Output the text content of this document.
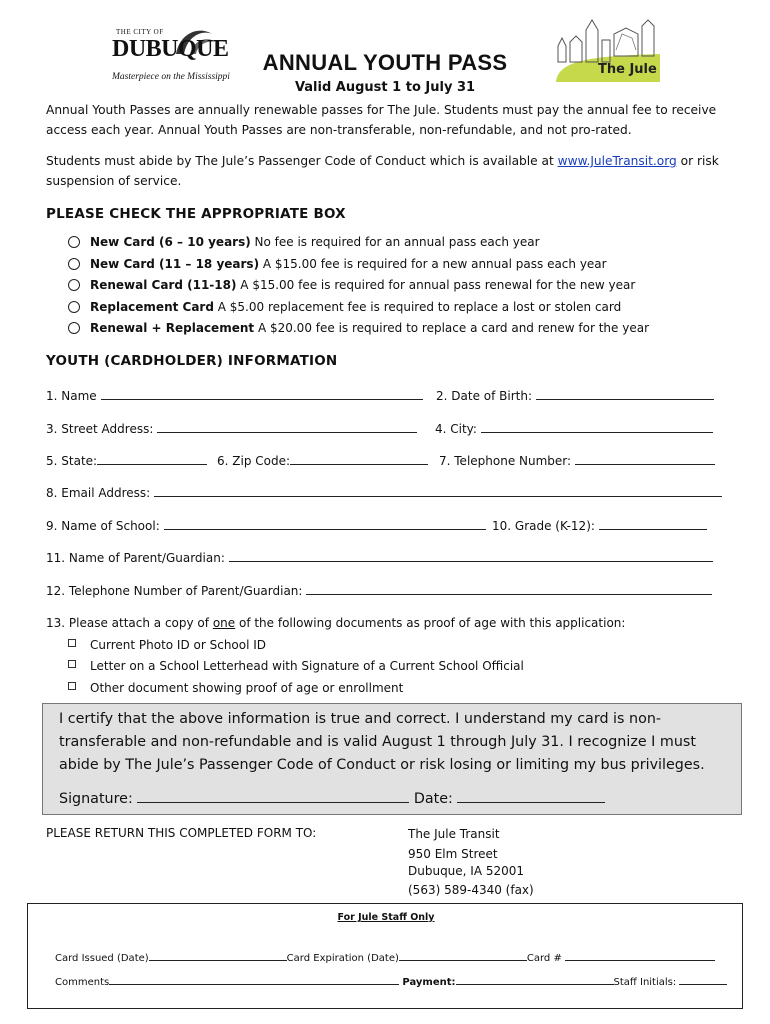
THE CITY OF
DUBUQUE
Masterpiece on the Mississippi
ANNUAL YOUTH PASS
Valid August 1 to July 31
The Jule
Annual Youth Passes are annually renewable passes for The Jule. Students must pay the annual fee to receive access each year. Annual Youth Passes are non-transferable, non-refundable, and not pro-rated.
Students must abide by The Jule’s Passenger Code of Conduct which is available at www.JuleTransit.org or risk suspension of service.
PLEASE CHECK THE APPROPRIATE BOX
New Card (6 – 10 years) No fee is required for an annual pass each year
New Card (11 – 18 years) A $15.00 fee is required for a new annual pass each year
Renewal Card (11-18) A $15.00 fee is required for annual pass renewal for the new year
Replacement Card A $5.00 replacement fee is required to replace a lost or stolen card
Renewal + Replacement A $20.00 fee is required to replace a card and renew for the year
YOUTH (CARDHOLDER) INFORMATION
1. Name	2. Date of Birth:
3. Street Address:	4. City:
5. State:	6. Zip Code:	7. Telephone Number:
8. Email Address:
9. Name of School:	10. Grade (K-12):
11. Name of Parent/Guardian:
12. Telephone Number of Parent/Guardian:
13. Please attach a copy of one of the following documents as proof of age with this application:
Current Photo ID or School ID
Letter on a School Letterhead with Signature of a Current School Official
Other document showing proof of age or enrollment
I certify that the above information is true and correct. I understand my card is non-transferable and non-refundable and is valid August 1 through July 31. I recognize I must abide by The Jule’s Passenger Code of Conduct or risk losing or limiting my bus privileges.
Signature:	Date:
PLEASE RETURN THIS COMPLETED FORM TO:	The Jule Transit
950 Elm Street
Dubuque, IA 52001
(563) 589-4340 (fax)
For Jule Staff Only
Card Issued (Date)	Card Expiration (Date)	Card #
Comments	Payment:	Staff Initials:
